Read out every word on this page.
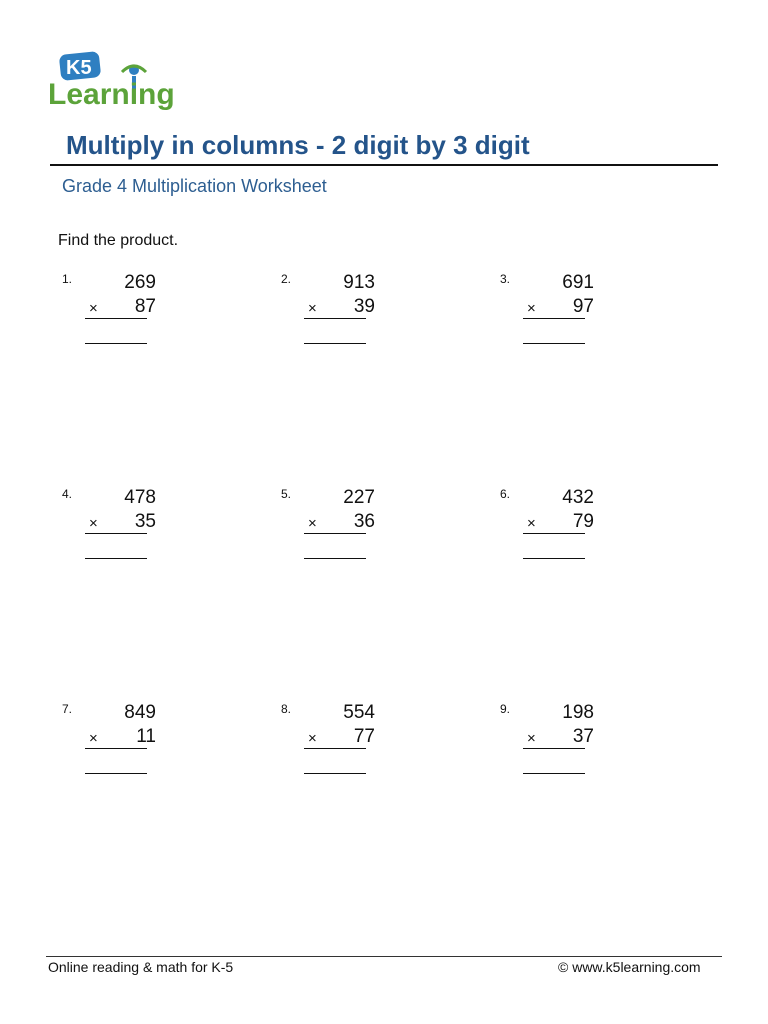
K5
Learning
Multiply in columns - 2 digit by 3 digit
Grade 4 Multiplication Worksheet
Find the product.
1.	269
× 87
2.	913
× 39
3.	691
× 97
4.	478
× 35
5.	227
× 36
6.	432
× 79
7.	849
× 11
8.	554
× 77
9.	198
× 37
Online reading & math for K-5	© www.k5learning.com
